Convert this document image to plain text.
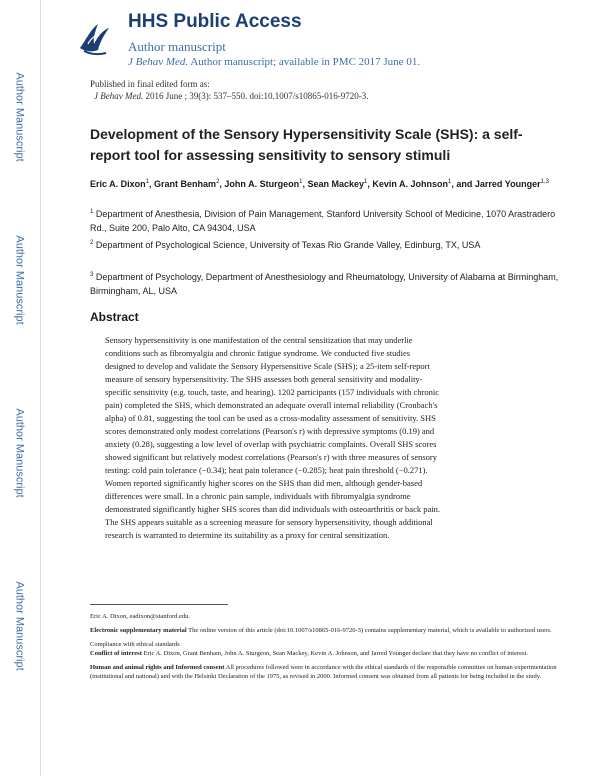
Author Manuscript
Author Manuscript
Author Manuscript
Author Manuscript
HHS Public Access
Author manuscript
J Behav Med. Author manuscript; available in PMC 2017 June 01.
Published in final edited form as:
J Behav Med. 2016 June ; 39(3): 537–550. doi:10.1007/s10865-016-9720-3.
Development of the Sensory Hypersensitivity Scale (SHS): a self-report tool for assessing sensitivity to sensory stimuli
Eric A. Dixon$^1$, Grant Benham$^2$, John A. Sturgeon$^1$, Sean Mackey$^1$, Kevin A. Johnson$^1$, and Jarred Younger$^{1,3}$
$^1$ Department of Anesthesia, Division of Pain Management, Stanford University School of Medicine, 1070 Arastradero Rd., Suite 200, Palo Alto, CA 94304, USA
$^2$ Department of Psychological Science, University of Texas Rio Grande Valley, Edinburg, TX, USA
$^3$ Department of Psychology, Department of Anesthesiology and Rheumatology, University of Alabama at Birmingham, Birmingham, AL, USA
Abstract
Sensory hypersensitivity is one manifestation of the central sensitization that may underlie
conditions such as fibromyalgia and chronic fatigue syndrome. We conducted five studies
designed to develop and validate the Sensory Hypersensitive Scale (SHS); a 25-item self-report
measure of sensory hypersensitivity. The SHS assesses both general sensitivity and modality-
specific sensitivity (e.g. touch, taste, and hearing). 1202 participants (157 individuals with chronic
pain) completed the SHS, which demonstrated an adequate overall internal reliability (Cronbach's
alpha) of 0.81, suggesting the tool can be used as a cross-modality assessment of sensitivity. SHS
scores demonstrated only modest correlations (Pearson's r) with depressive symptoms (0.19) and
anxiety (0.28), suggesting a low level of overlap with psychiatric complaints. Overall SHS scores
showed significant but relatively modest correlations (Pearson's r) with three measures of sensory
testing: cold pain tolerance (−0.34); heat pain tolerance (−0.285); heat pain threshold (−0.271).
Women reported significantly higher scores on the SHS than did men, although gender-based
differences were small. In a chronic pain sample, individuals with fibromyalgia syndrome
demonstrated significantly higher SHS scores than did individuals with osteoarthritis or back pain.
The SHS appears suitable as a screening measure for sensory hypersensitivity, though additional
research is warranted to determine its suitability as a proxy for central sensitization.
Eric A. Dixon, eadixon@stanford.edu.
Electronic supplementary material The online version of this article (doi:10.1007/s10865-016-9720-3) contains supplementary material, which is available to authorized users.
Compliance with ethical standards
Conflict of interest Eric A. Dixon, Grant Benham, John A. Sturgeon, Sean Mackey, Kevin A. Johnson, and Jarred Younger declare that they have no conflict of interest.
Human and animal rights and Informed consent All procedures followed were in accordance with the ethical standards of the responsible committee on human experimentation (institutional and national) and with the Helsinki Declaration of the 1975, as revised in 2000. Informed consent was obtained from all patients for being included in the study.
